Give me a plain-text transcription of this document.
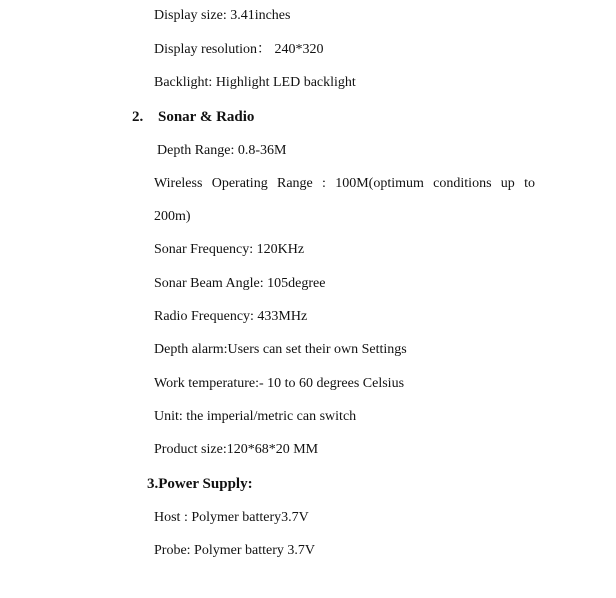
Display size: 3.41inches
Display resolution： 240*320
Backlight: Highlight LED backlight
2. Sonar & Radio
Depth Range: 0.8-36M
Wireless Operating Range : 100M(optimum conditions up to
200m)
Sonar Frequency: 120KHz
Sonar Beam Angle: 105degree
Radio Frequency: 433MHz
Depth alarm:Users can set their own Settings
Work temperature:- 10 to 60 degrees Celsius
Unit: the imperial/metric can switch
Product size:120*68*20 MM
3.Power Supply:
Host : Polymer battery3.7V
Probe: Polymer battery 3.7V
